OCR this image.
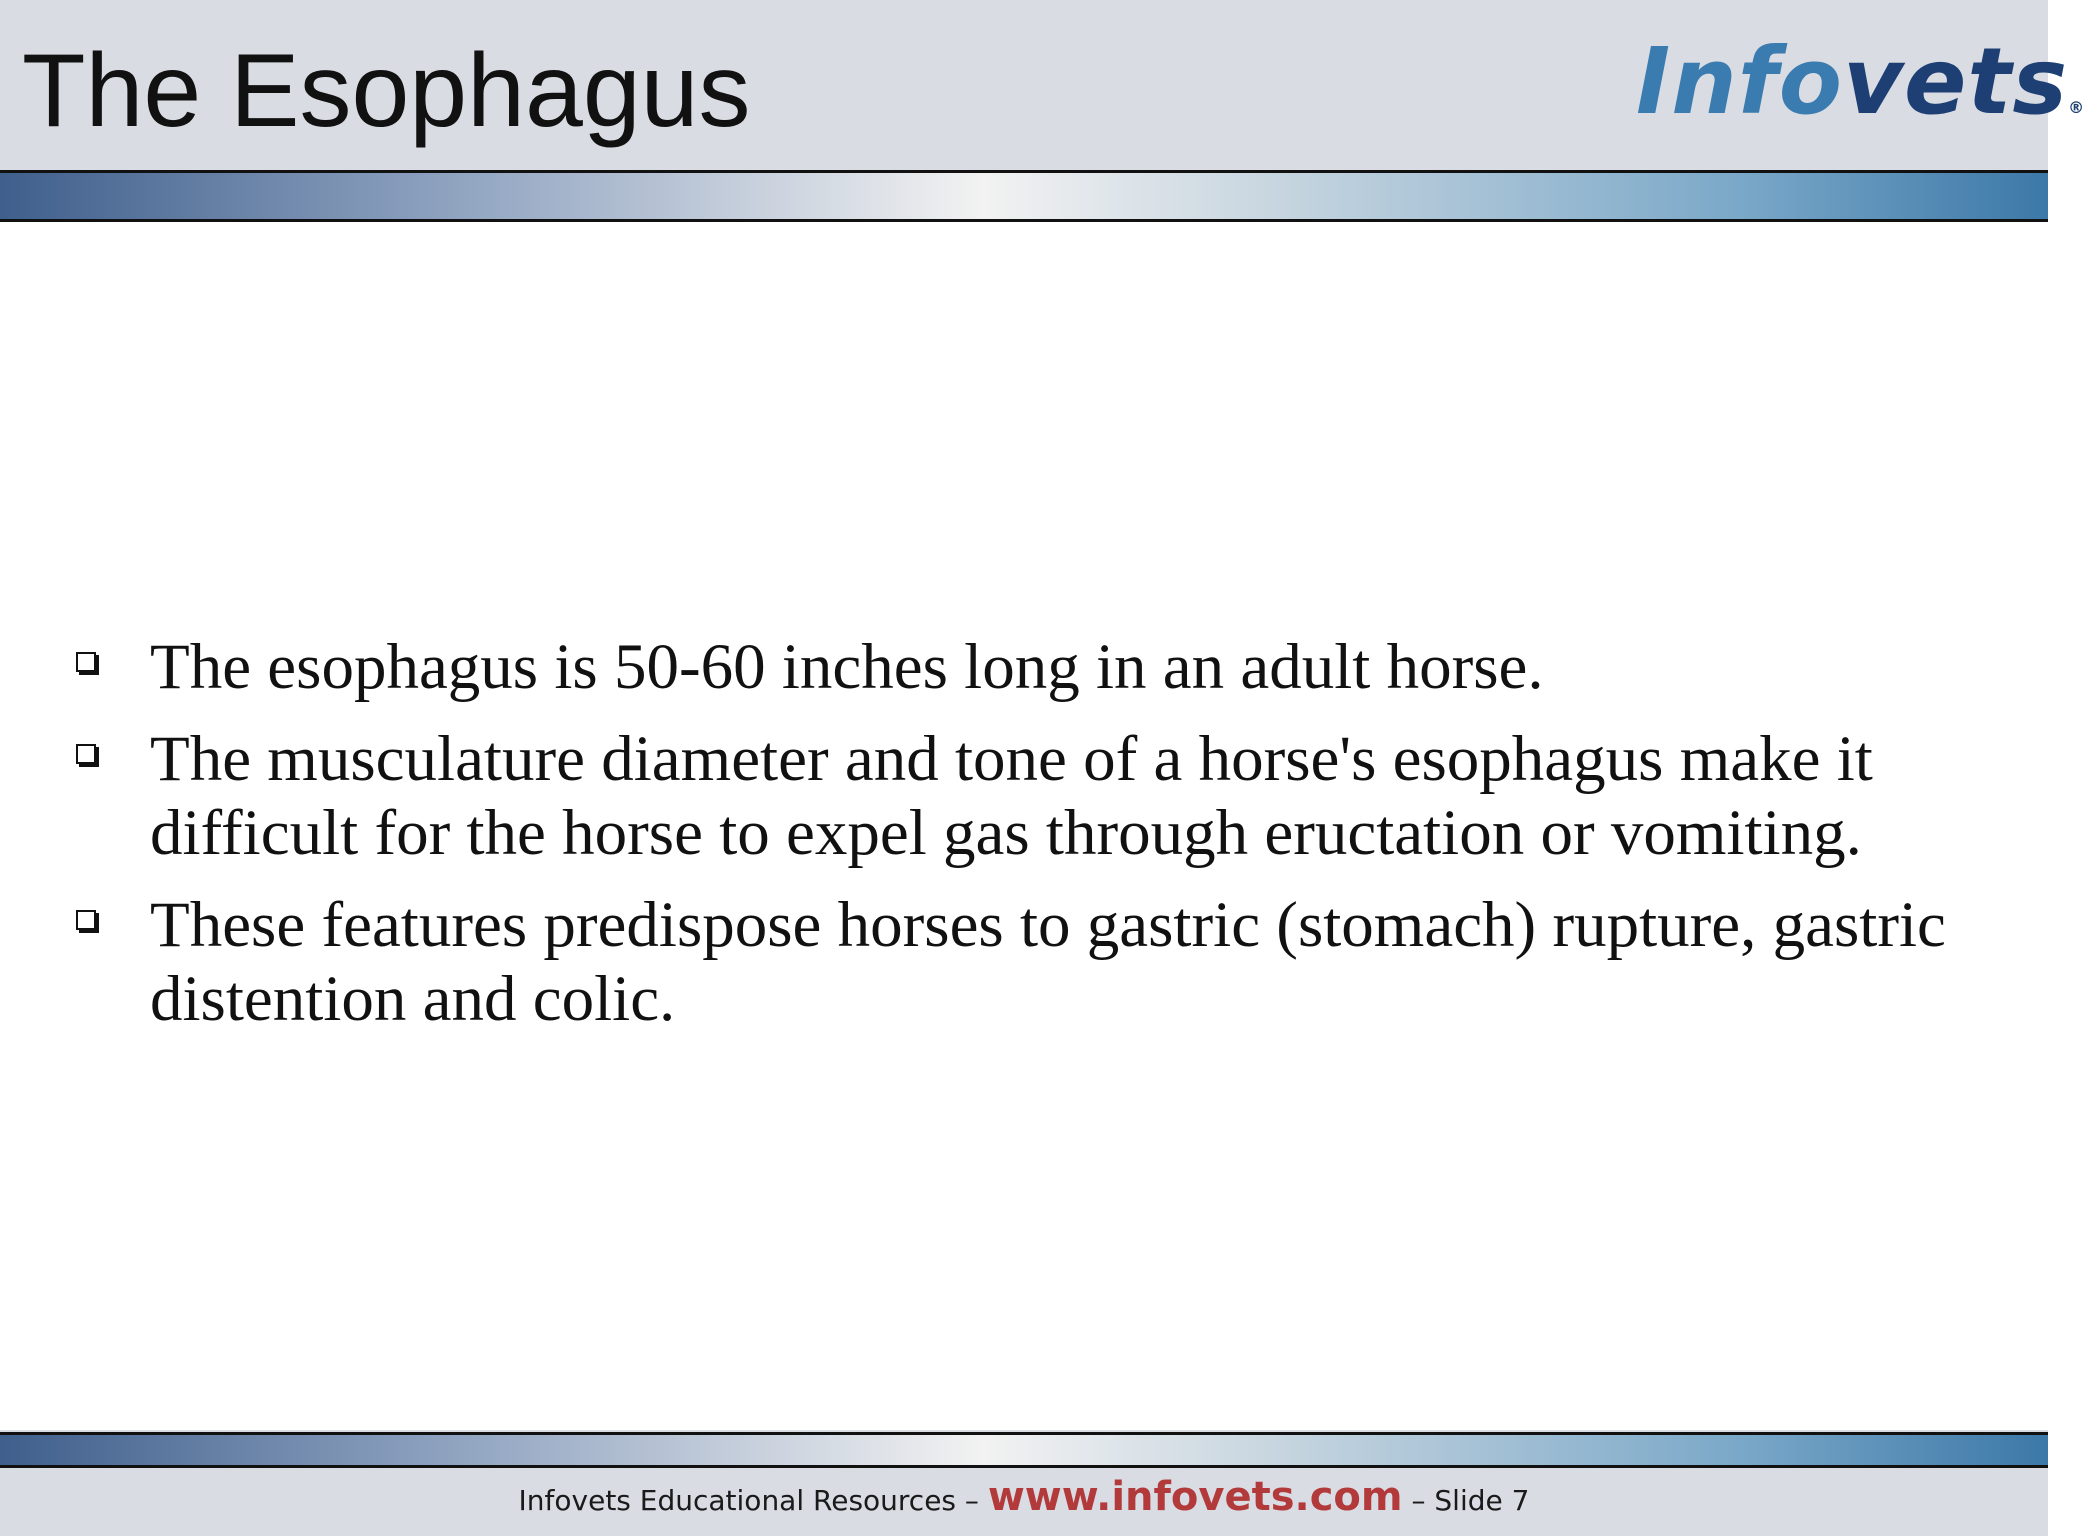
The Esophagus	Infovets®
The esophagus is 50-60 inches long in an adult horse.
The musculature diameter and tone of a horse's esophagus make it difficult for the horse to expel gas through eructation or vomiting.
These features predispose horses to gastric (stomach) rupture, gastric distention and colic.
Infovets Educational Resources – www.infovets.com – Slide 7
